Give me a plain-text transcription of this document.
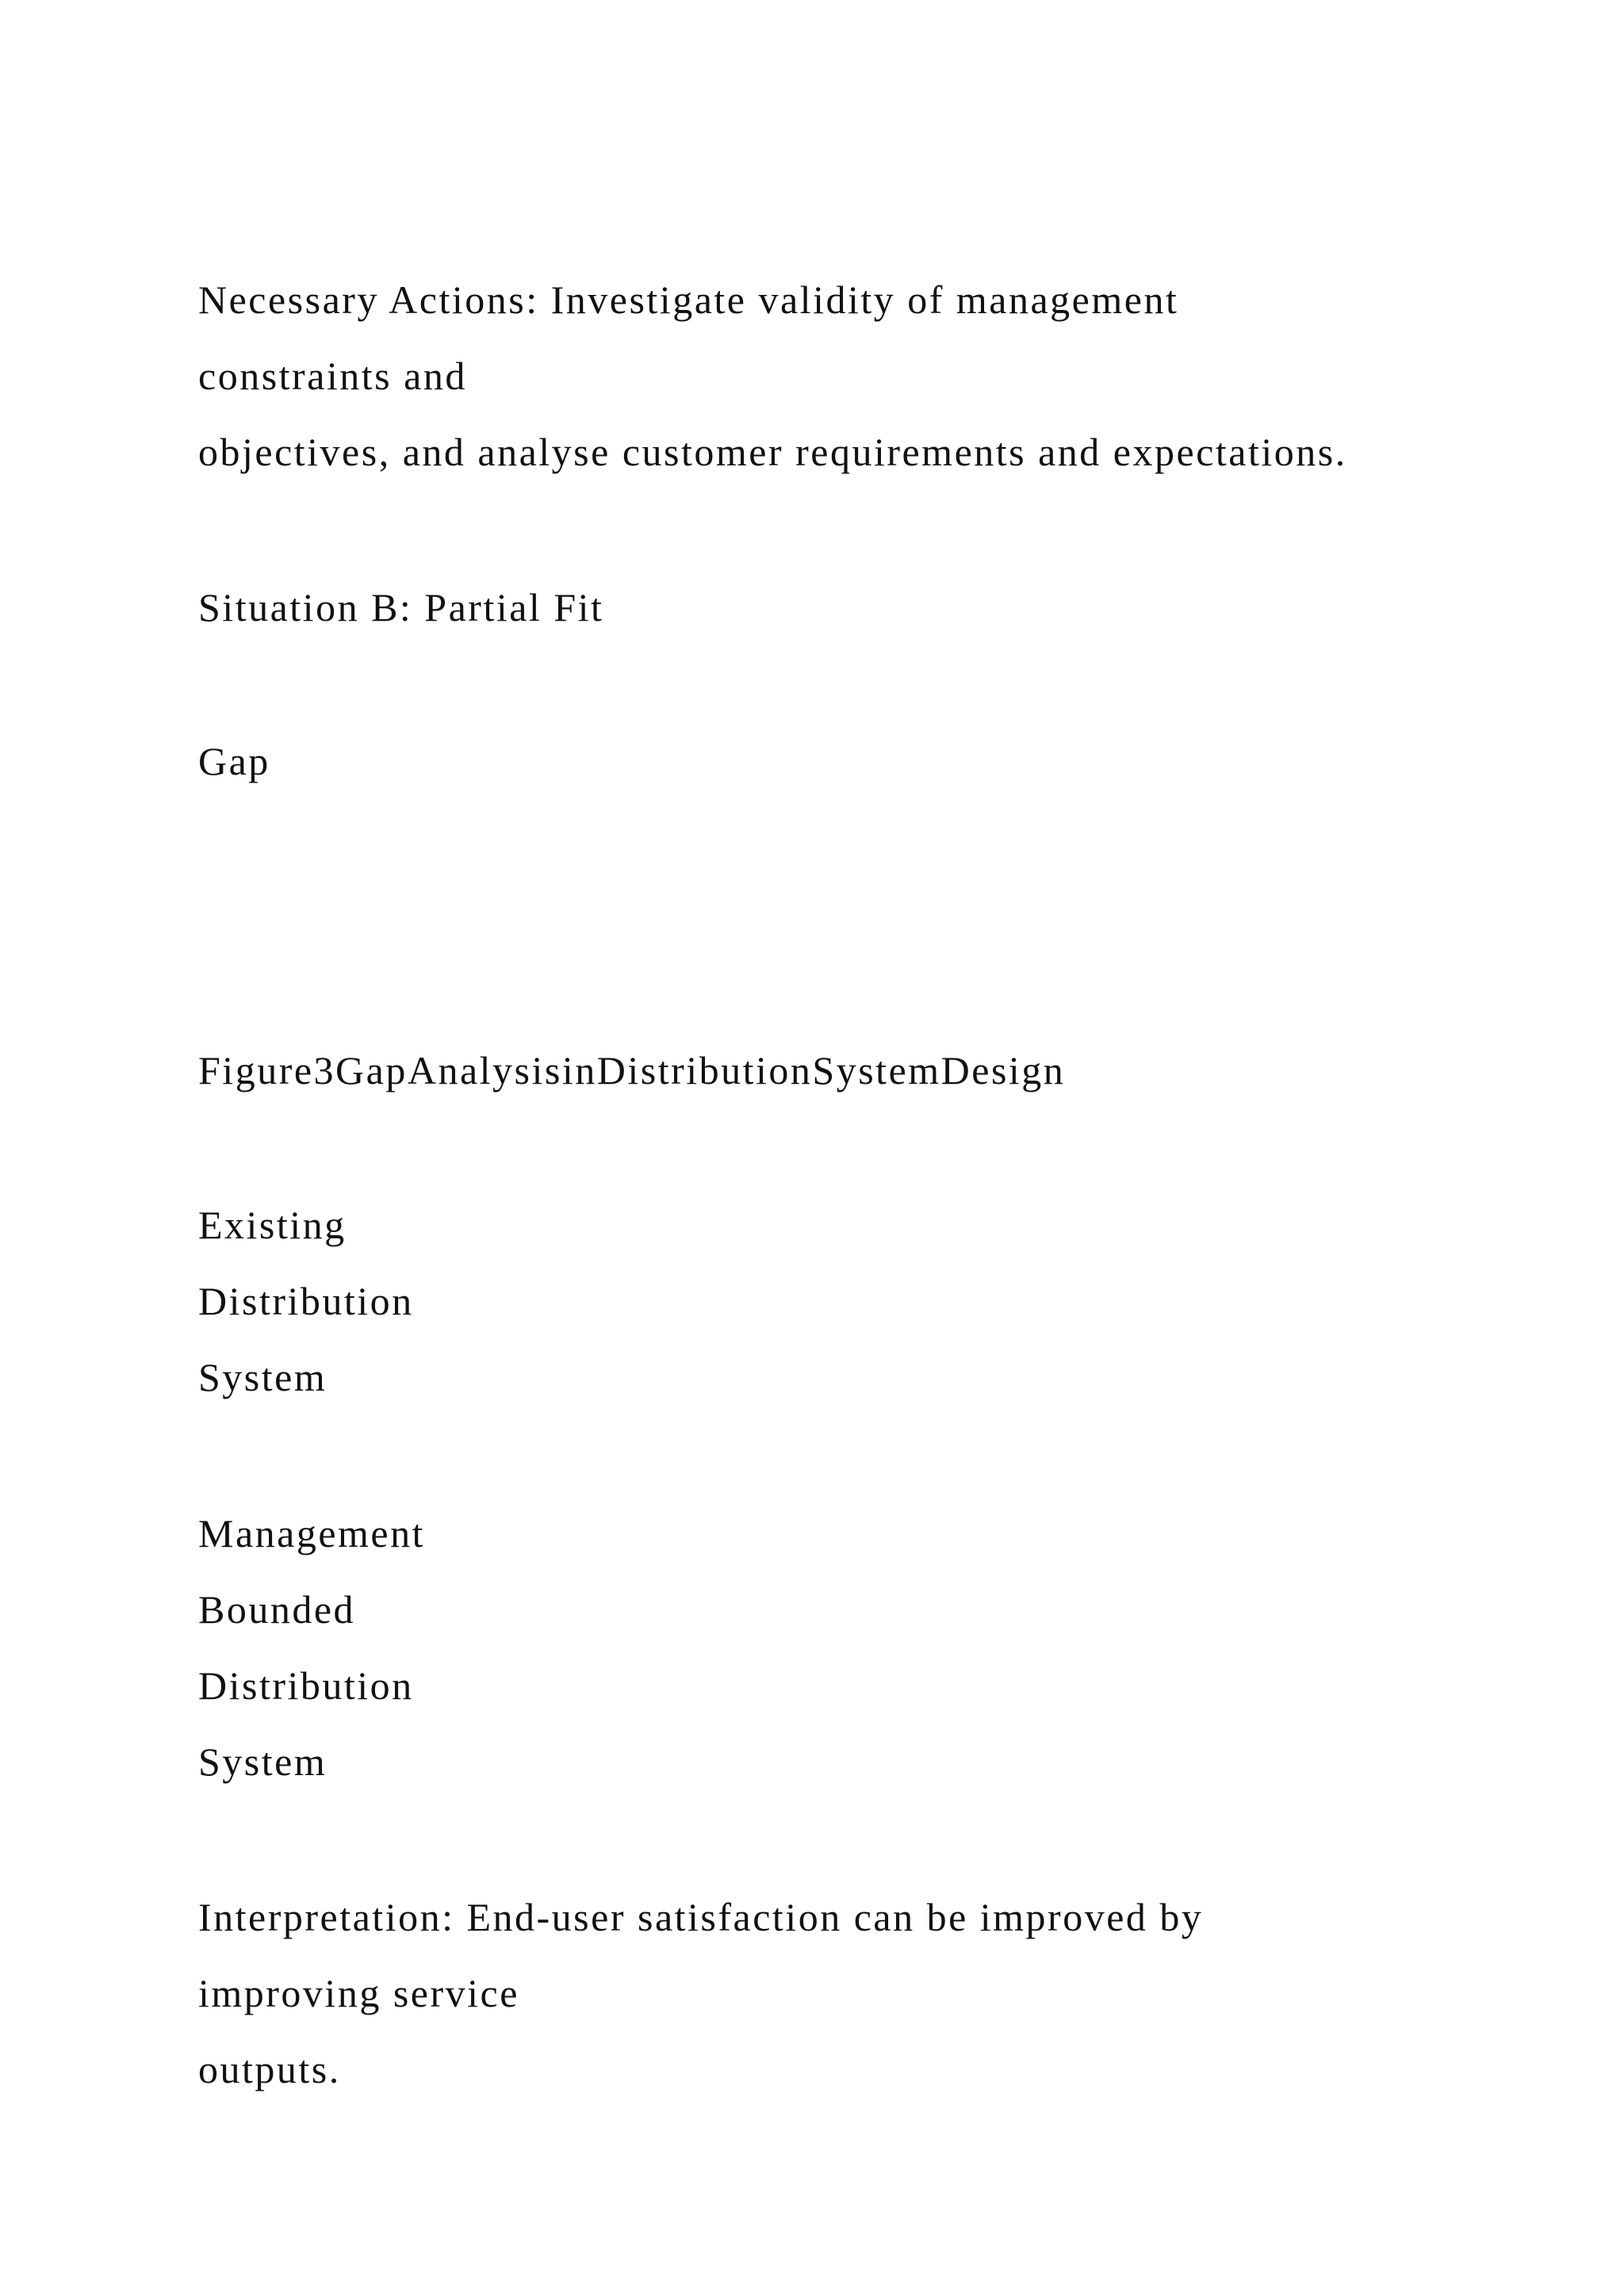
Necessary Actions: Investigate validity of management
constraints and
objectives, and analyse customer requirements and expectations.
Situation B: Partial Fit
Gap
Figure3GapAnalysisinDistributionSystemDesign
Existing
Distribution
System
Management
Bounded
Distribution
System
Interpretation: End-user satisfaction can be improved by
improving service
outputs.
